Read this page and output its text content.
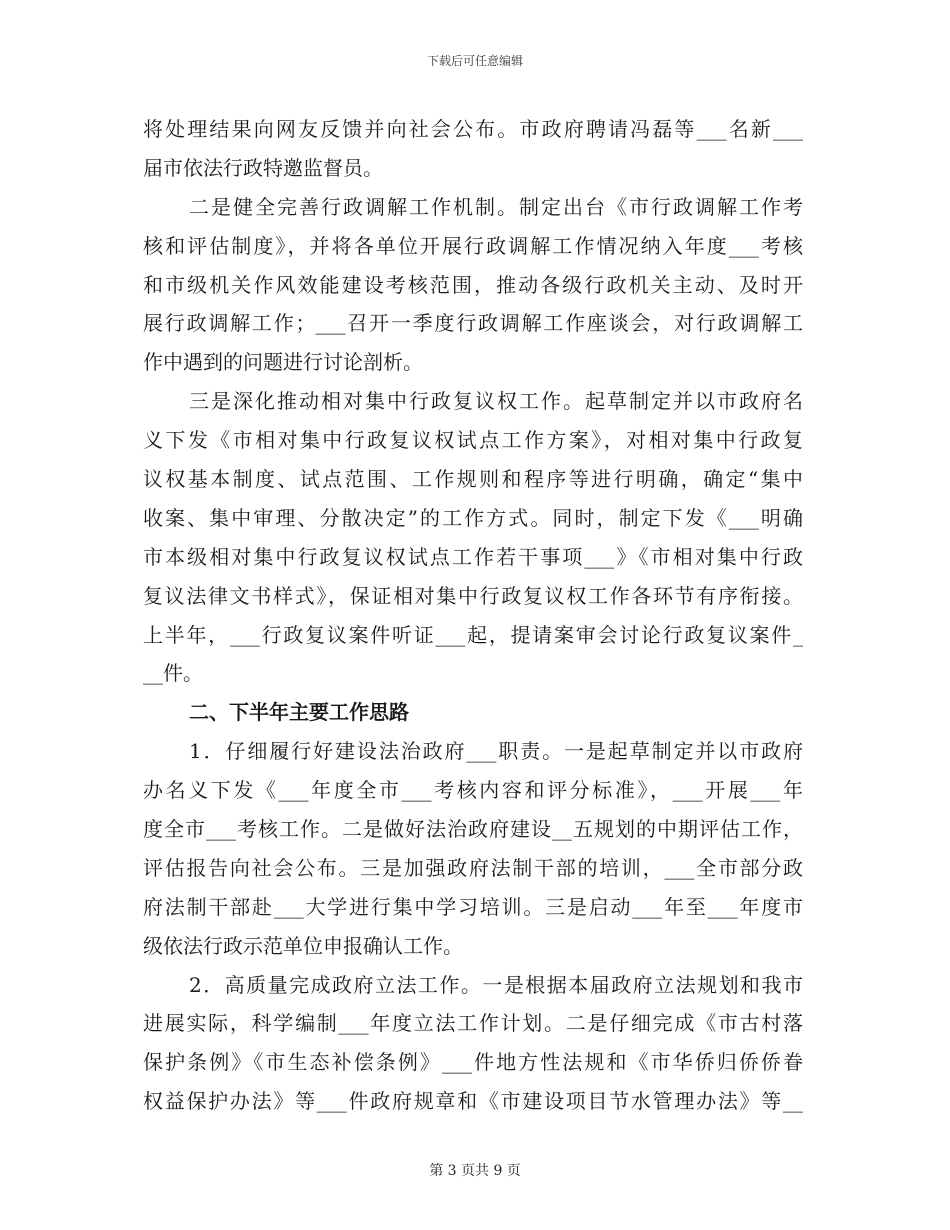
下载后可任意编辑
将处理结果向网友反馈并向社会公布。市政府聘请冯磊等___名新___
届市依法行政特邀监督员。
二是健全完善行政调解工作机制。制定出台《市行政调解工作考
核和评估制度》，并将各单位开展行政调解工作情况纳入年度___考核
和市级机关作风效能建设考核范围，推动各级行政机关主动、及时开
展行政调解工作；___召开一季度行政调解工作座谈会，对行政调解工
作中遇到的问题进行讨论剖析。
三是深化推动相对集中行政复议权工作。起草制定并以市政府名
义下发《市相对集中行政复议权试点工作方案》，对相对集中行政复
议权基本制度、试点范围、工作规则和程序等进行明确，确定“集中
收案、集中审理、分散决定”的工作方式。同时，制定下发《___明确
市本级相对集中行政复议权试点工作若干事项___》《市相对集中行政
复议法律文书样式》，保证相对集中行政复议权工作各环节有序衔接。
上半年，___行政复议案件听证___起，提请案审会讨论行政复议案件_
__件。
二、下半年主要工作思路
1．仔细履行好建设法治政府___职责。一是起草制定并以市政府
办名义下发《___年度全市___考核内容和评分标准》，___开展___年
度全市___考核工作。二是做好法治政府建设__五规划的中期评估工作，
评估报告向社会公布。三是加强政府法制干部的培训，___全市部分政
府法制干部赴___大学进行集中学习培训。三是启动___年至___年度市
级依法行政示范单位申报确认工作。
2．高质量完成政府立法工作。一是根据本届政府立法规划和我市
进展实际，科学编制___年度立法工作计划。二是仔细完成《市古村落
保护条例》《市生态补偿条例》___件地方性法规和《市华侨归侨侨眷
权益保护办法》等___件政府规章和《市建设项目节水管理办法》等__
第 3 页共 9 页
